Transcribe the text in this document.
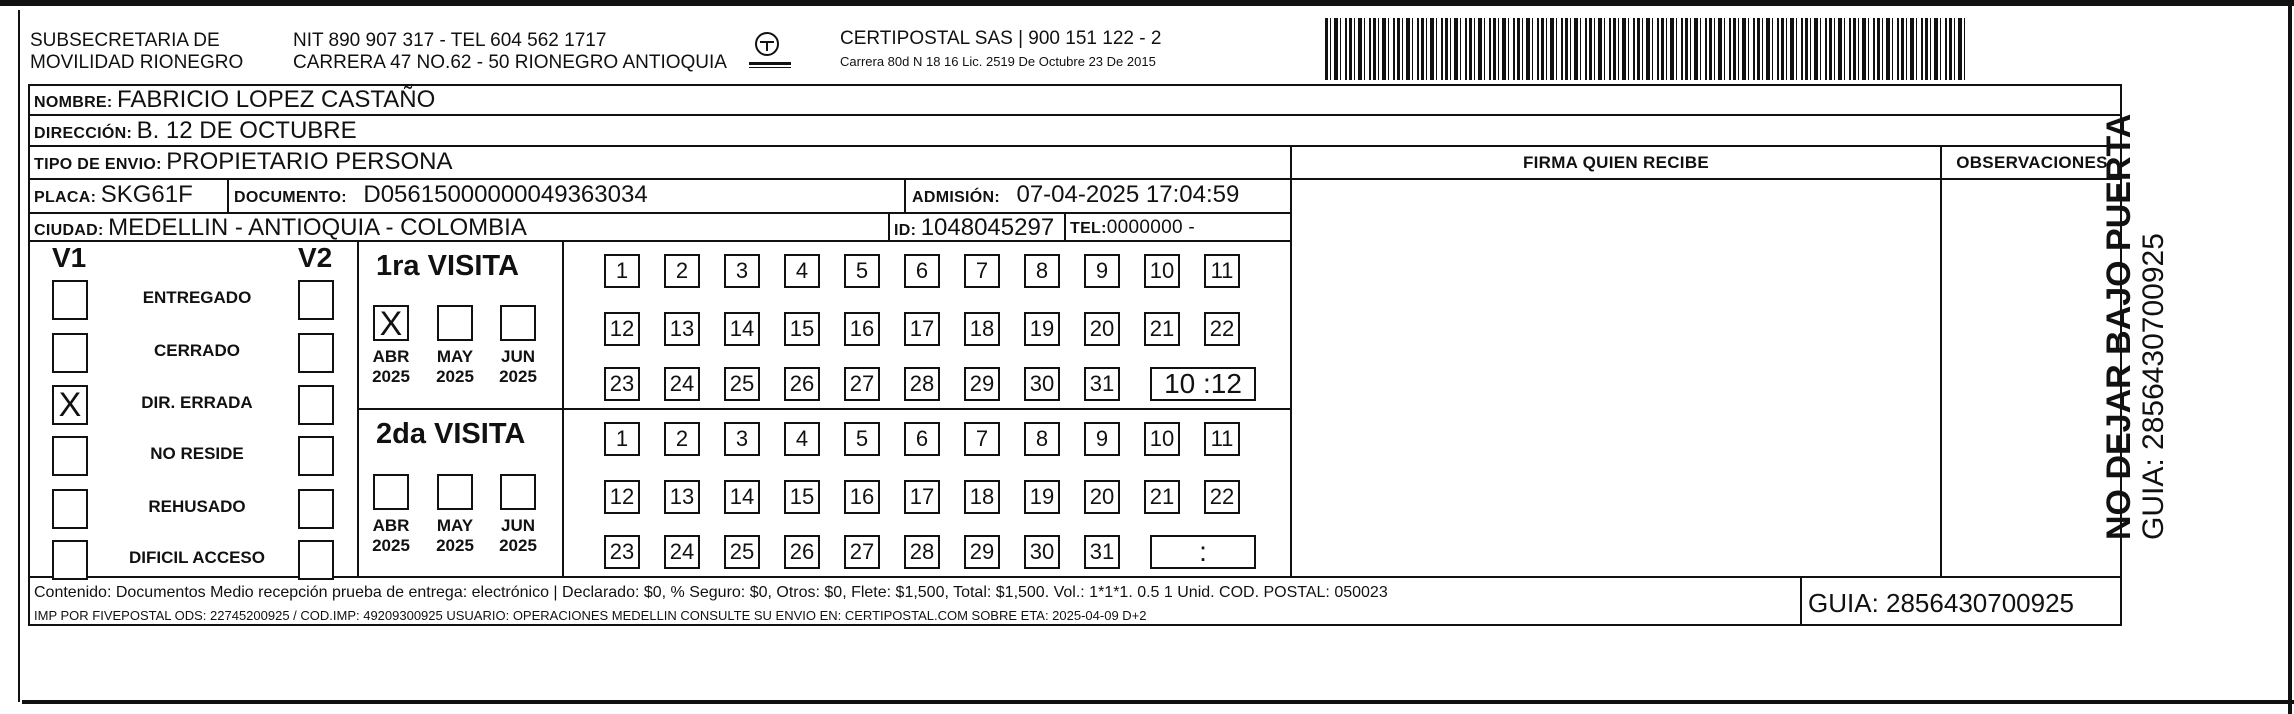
SUBSECRETARIA DE
MOVILIDAD RIONEGRO
NIT 890 907 317 - TEL 604 562 1717
CARRERA 47 NO.62 - 50 RIONEGRO ANTIOQUIA
CERTIPOSTAL SAS | 900 151 122 - 2
Carrera 80d N 18 16 Lic. 2519 De Octubre 23 De 2015
NOMBRE: FABRICIO LOPEZ CASTAÑO
DIRECCIÓN: B. 12 DE OCTUBRE
TIPO DE ENVIO: PROPIETARIO PERSONA
PLACA: SKG61F	DOCUMENTO: D05615000000049363034	ADMISIÓN: 07-04-2025 17:04:59
CIUDAD: MEDELLIN - ANTIOQUIA - COLOMBIA	ID: 1048045297 TEL:0000000 -
FIRMA QUIEN RECIBE	OBSERVACIONES
V1	V2
ENTREGADO
CERRADO
X	DIR. ERRADA
NO RESIDE
REHUSADO
DIFICIL ACCESO
1ra VISITA
X
ABR
2025
MAY
2025
JUN
2025
1	2	3	4	5	6	7	8	9	10 11
12 13 14 15 16 17 18 19 20 21 22
23 24 25 26 27 28 29 30 31	10 :12
2da VISITA
ABR
2025
MAY
2025
JUN
2025
1	2	3	4	5	6	7	8	9	10 11
12 13 14 15 16 17 18 19 20 21 22
23 24 25 26 27 28 29 30 31	:
Contenido: Documentos Medio recepción prueba de entrega: electrónico | Declarado: $0, % Seguro: $0, Otros: $0, Flete: $1,500, Total: $1,500. Vol.: 1*1*1. 0.5 1 Unid. COD. POSTAL: 050023
IMP POR FIVEPOSTAL ODS: 22745200925 / COD.IMP: 49209300925 USUARIO: OPERACIONES MEDELLIN CONSULTE SU ENVIO EN: CERTIPOSTAL.COM SOBRE ETA: 2025-04-09 D+2	GUIA: 2856430700925
NO DEJAR BAJO PUERTA GUIA: 2856430700925
